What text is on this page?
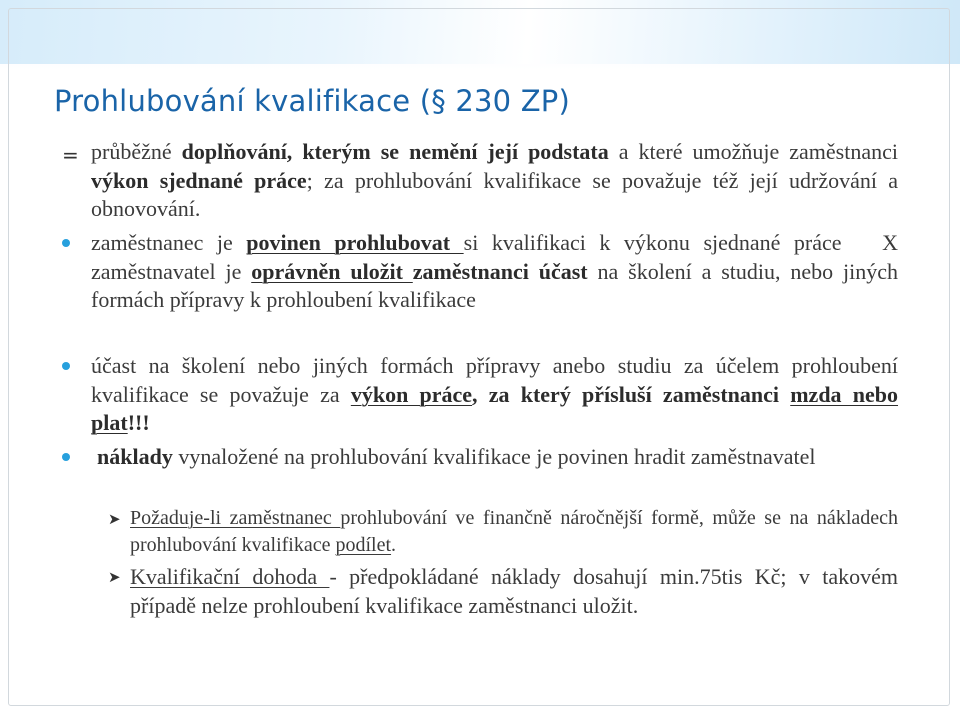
Prohlubování kvalifikace (§ 230 ZP)
= průběžné doplňování, kterým se nemění její podstata a které umožňuje zaměstnanci výkon sjednané práce; za prohlubování kvalifikace se považuje též její udržování a obnovování.
zaměstnanec je povinen prohlubovat si kvalifikaci k výkonu sjednané práce   X   zaměstnavatel je oprávněn uložit zaměstnanci účast na školení a studiu, nebo jiných formách přípravy k prohloubení kvalifikace
účast na školení nebo jiných formách přípravy anebo studiu za účelem prohloubení kvalifikace se považuje za výkon práce, za který přísluší zaměstnanci mzda nebo plat!!!
náklady vynaložené na prohlubování kvalifikace je povinen hradit zaměstnavatel
➤ Požaduje-li zaměstnanec prohlubování ve finančně náročnější formě, může se na nákladech prohlubování kvalifikace podílet.
➤ Kvalifikační dohoda - předpokládané náklady dosahují min.75tis Kč; v takovém případě nelze prohloubení kvalifikace zaměstnanci uložit.
